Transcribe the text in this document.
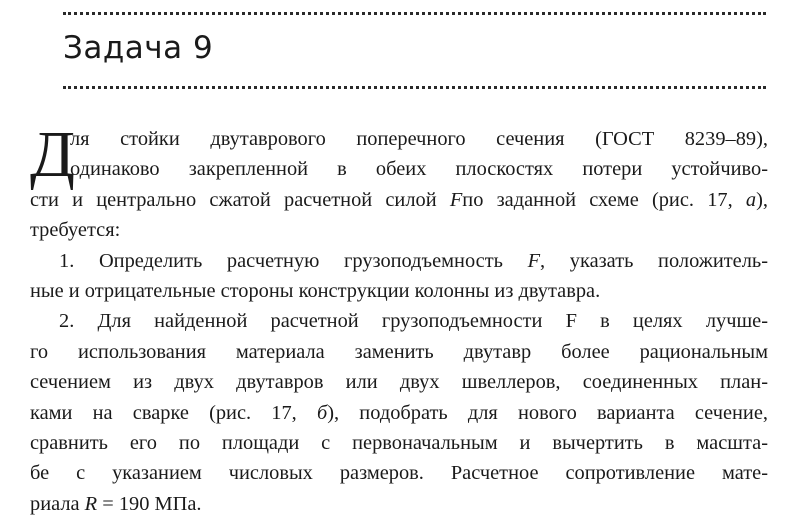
Задача 9
Д
ля стойки двутаврового поперечного сечения (ГОСТ 8239–89),
одинаково закрепленной в обеих плоскостях потери устойчиво-
сти и центрально сжатой расчетной силой Fпо заданной схеме (рис. 17, а),
требуется:
1. Определить расчетную грузоподъемность F, указать положитель-
ные и отрицательные стороны конструкции колонны из двутавра.
2. Для найденной расчетной грузоподъемности F в целях лучше-
го использования материала заменить двутавр более рациональным
сечением из двух двутавров или двух швеллеров, соединенных план-
ками на сварке (рис. 17, б), подобрать для нового варианта сечение,
сравнить его по площади с первоначальным и вычертить в масшта-
бе с указанием числовых размеров. Расчетное сопротивление мате-
риала R = 190 МПа.
